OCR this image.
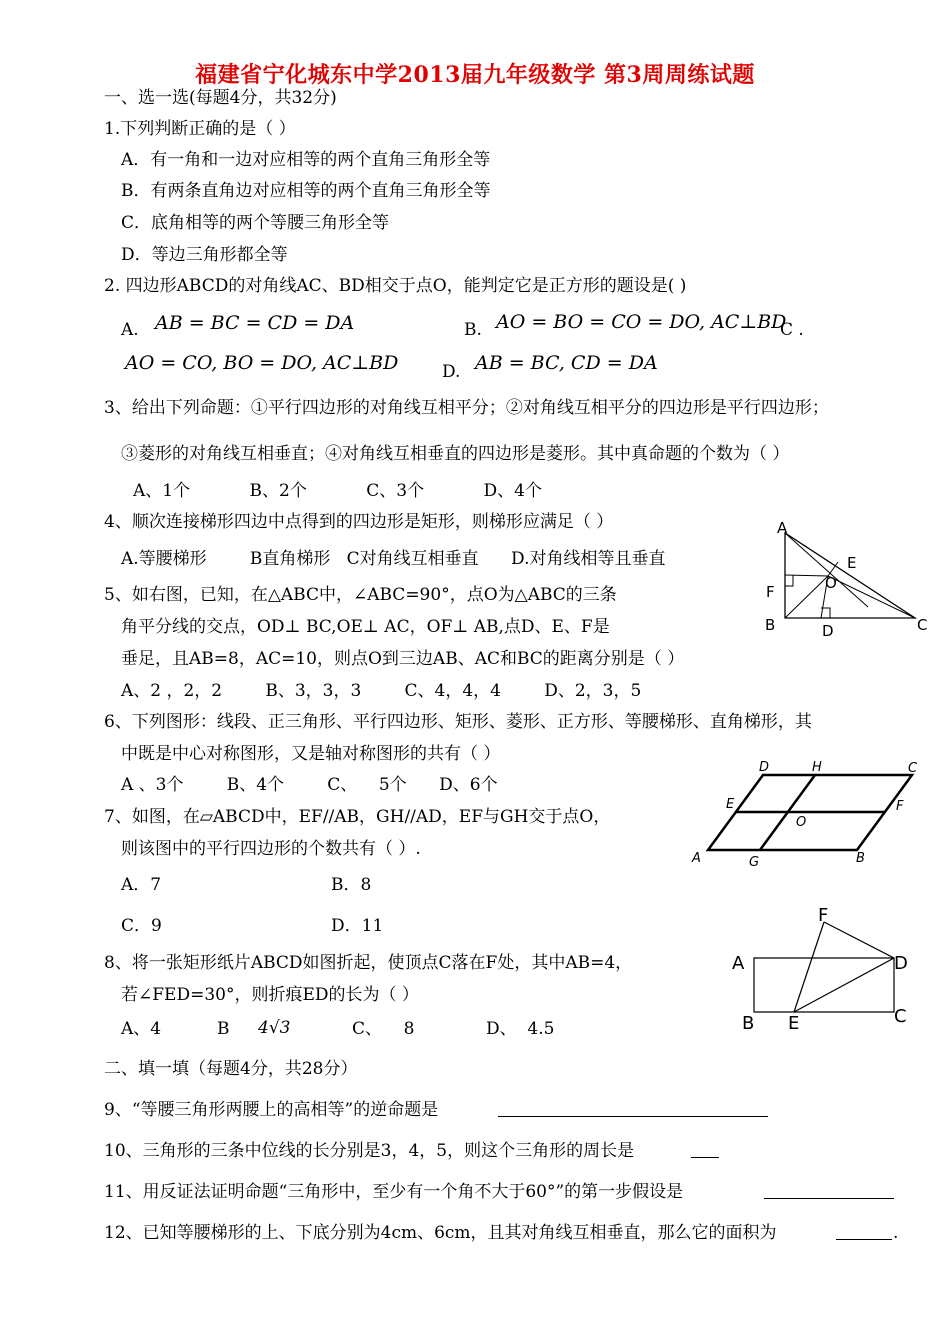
福建省宁化城东中学2013届九年级数学 第3周周练试题
一、选一选(每题4分，共32分)
1.下列判断正确的是（ ）
A．有一角和一边对应相等的两个直角三角形全等
B．有两条直角边对应相等的两个直角三角形全等
C．底角相等的两个等腰三角形全等
D．等边三角形都全等
2. 四边形ABCD的对角线AC、BD相交于点O，能判定它是正方形的题设是( )
A. AB = BC = CD = DA	B. AO = BO = CO = DO, AC⊥BD
C .
AO = CO, BO = DO, AC⊥BD	D. AB = BC, CD = DA
3、给出下列命题：①平行四边形的对角线互相平分；②对角线互相平分的四边形是平行四边形；
③菱形的对角线互相垂直；④对角线互相垂直的四边形是菱形。其中真命题的个数为（ ）
A、1个           B、2个           C、3个           D、4个
4、顺次连接梯形四边中点得到的四边形是矩形，则梯形应满足（ ）
A.等腰梯形        B直角梯形   C对角线互相垂直      D.对角线相等且垂直
5、如右图，已知，在△ABC中，∠ABC=90°，点O为△ABC的三条
角平分线的交点，OD⊥ BC,OE⊥ AC，OF⊥ AB,点D、E、F是
垂足，且AB=8，AC=10，则点O到三边AB、AC和BC的距离分别是（ ）
A、2 ，2，2        B、3，3，3        C、4，4，4        D、2，3，5
A
B	C
D
E
F	O
6、下列图形：线段、正三角形、平行四边形、矩形、菱形、正方形、等腰梯形、直角梯形，其
中既是中心对称图形，又是轴对称图形的共有（ ）
A 、3个        B、4个        C、    5个      D、6个
A	B
C
D
E	F
G
H
O
7、如图，在▱ABCD中，EF//AB，GH//AD，EF与GH交于点O，
则该图中的平行四边形的个数共有（ ）.
A．7	B．8
C．9	D．11
8、将一张矩形纸片ABCD如图折起，使顶点C落在F处，其中AB=4，
若∠FED=30°，则折痕ED的长为（ ）
A、4	B 4√3	C、    8	D、  4.5
A
B	C
D
E
F
二、填一填（每题4分，共28分）
9、“等腰三角形两腰上的高相等”的逆命题是
10、三角形的三条中位线的长分别是3，4，5，则这个三角形的周长是
11、用反证法证明命题“三角形中，至少有一个角不大于60°”的第一步假设是
12、已知等腰梯形的上、下底分别为4cm、6cm，且其对角线互相垂直，那么它的面积为	.
